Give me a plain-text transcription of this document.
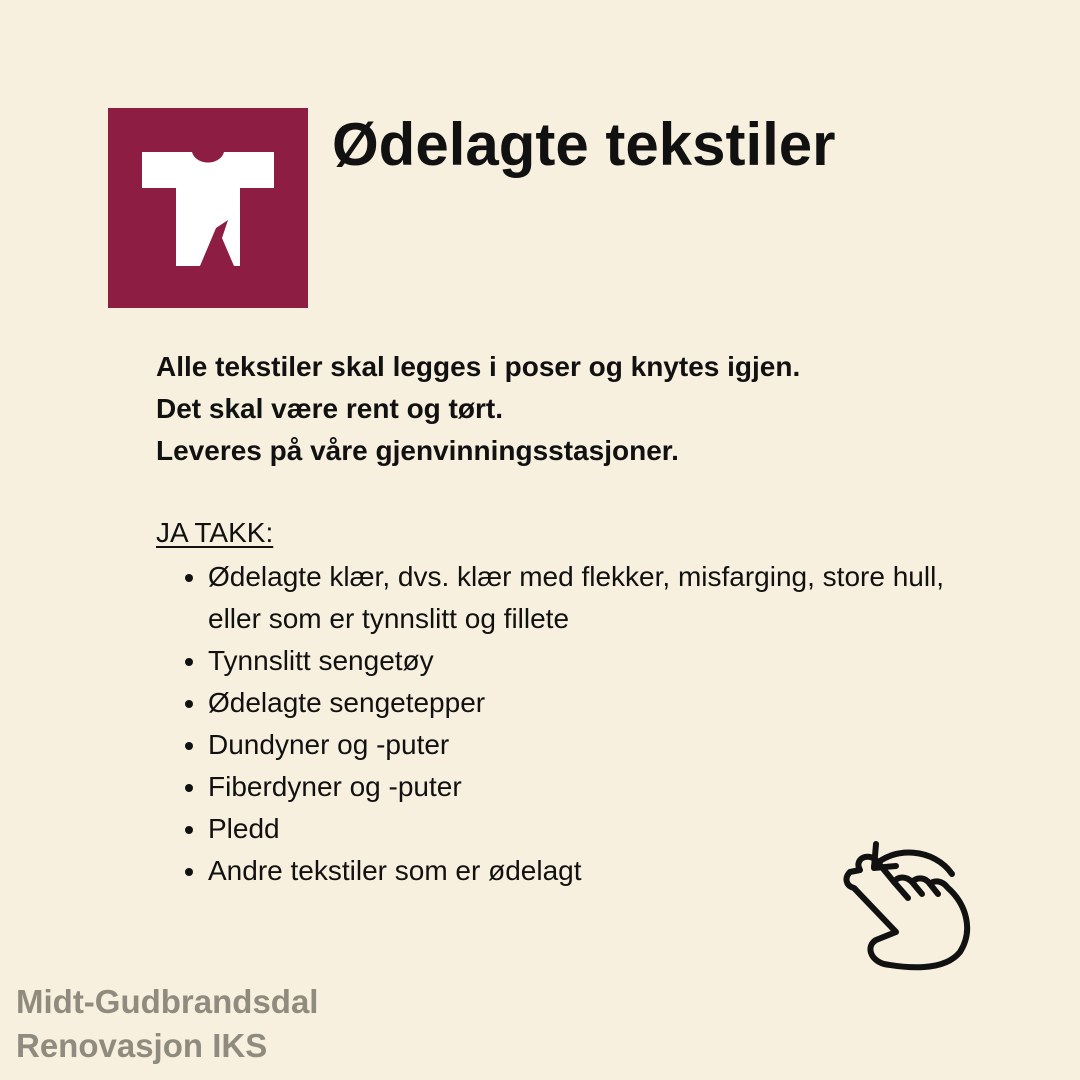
Ødelagte tekstiler
Alle tekstiler skal legges i poser og knytes igjen.
Det skal være rent og tørt.
Leveres på våre gjenvinningsstasjoner.
JA TAKK:
• Ødelagte klær, dvs. klær med flekker, misfarging, store hull, eller som er tynnslitt og fillete
• Tynnslitt sengetøy
• Ødelagte sengetepper
• Dundyner og -puter
• Fiberdyner og -puter
• Pledd
• Andre tekstiler som er ødelagt
Midt-Gudbrandsdal
Renovasjon IKS
